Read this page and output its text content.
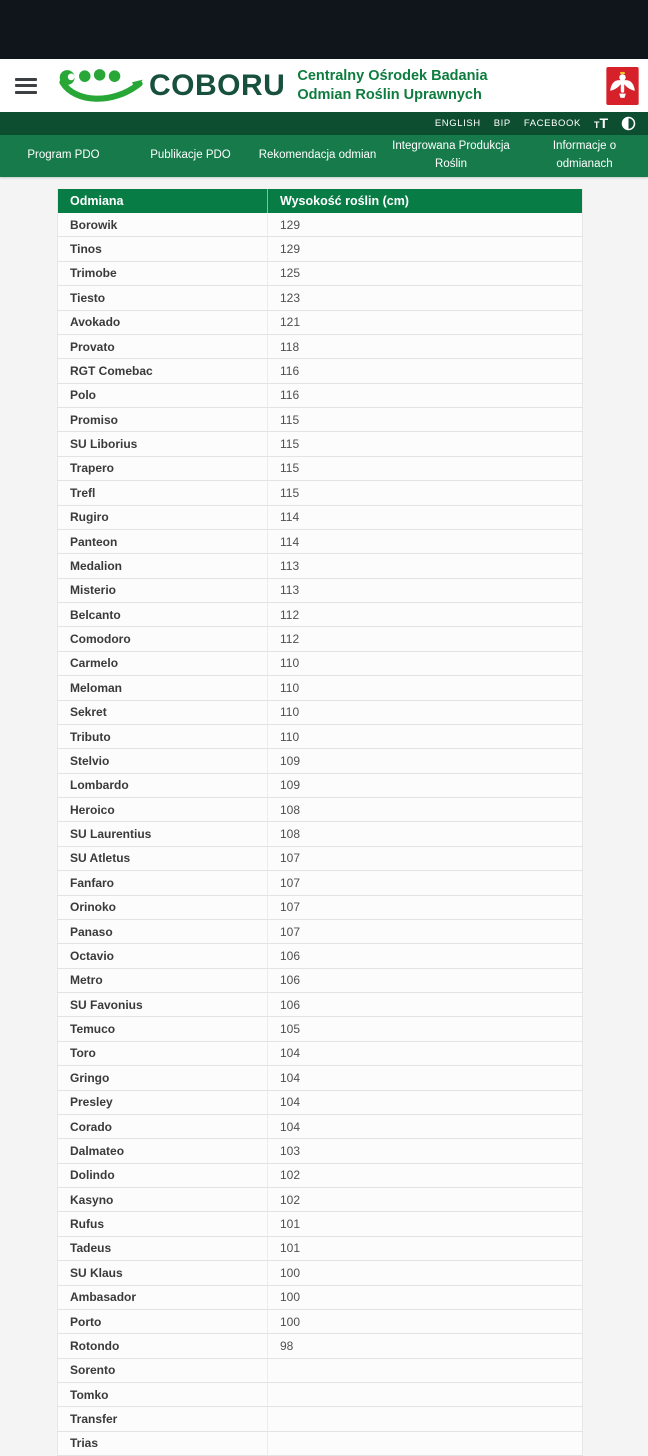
COBORU Centralny Ośrodek Badania
Odmian Roślin Uprawnych
ENGLISH BIP FACEBOOK TT
Program PDO	Publikacje PDO	Rekomendacja odmian
Integrowana Produkcja Roślin
Informacje o odmianach
Odmiana	Wysokość roślin (cm)
Borowik	129
Tinos	129
Trimobe	125
Tiesto	123
Avokado	121
Provato	118
RGT Comebac	116
Polo	116
Promiso	115
SU Liborius	115
Trapero	115
Trefl	115
Rugiro	114
Panteon	114
Medalion	113
Misterio	113
Belcanto	112
Comodoro	112
Carmelo	110
Meloman	110
Sekret	110
Tributo	110
Stelvio	109
Lombardo	109
Heroico	108
SU Laurentius	108
SU Atletus	107
Fanfaro	107
Orinoko	107
Panaso	107
Octavio	106
Metro	106
SU Favonius	106
Temuco	105
Toro	104
Gringo	104
Presley	104
Corado	104
Dalmateo	103
Dolindo	102
Kasyno	102
Rufus	101
Tadeus	101
SU Klaus	100
Ambasador	100
Porto	100
Rotondo	98
Sorento	
Tomko	
Transfer	
Trias	
